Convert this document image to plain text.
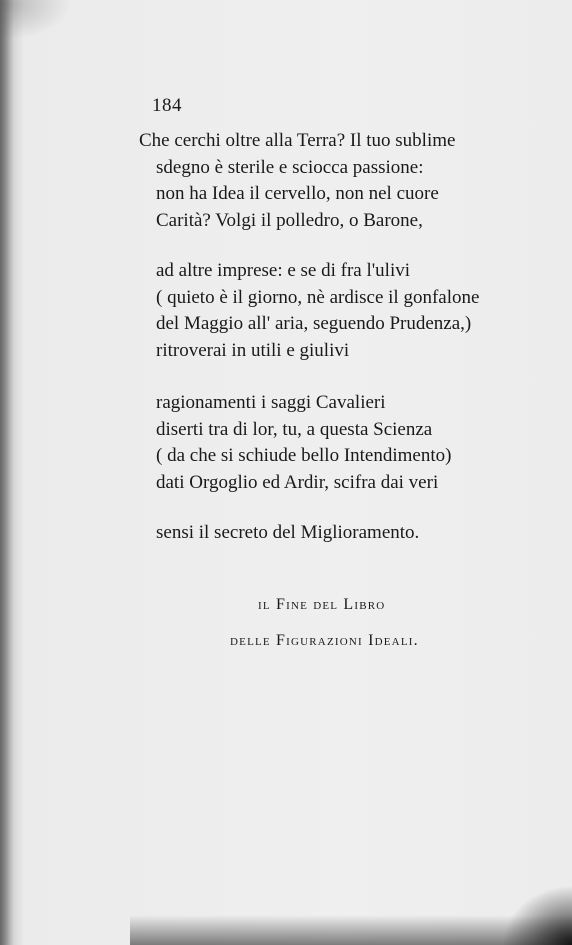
184
Che cerchi oltre alla Terra? Il tuo sublime
sdegno è sterile e sciocca passione:
non ha Idea il cervello, non nel cuore
Carità? Volgi il polledro, o Barone,
ad altre imprese: e se di fra l'ulivi
( quieto è il giorno, nè ardisce il gonfalone
del Maggio all' aria, seguendo Prudenza,)
ritroverai in utili e giulivi
ragionamenti i saggi Cavalieri
diserti tra di lor, tu, a questa Scienza
( da che si schiude bello Intendimento)
dati Orgoglio ed Ardir, scifra dai veri
sensi il secreto del Miglioramento.
il Fine del Libro
delle Figurazioni Ideali.
